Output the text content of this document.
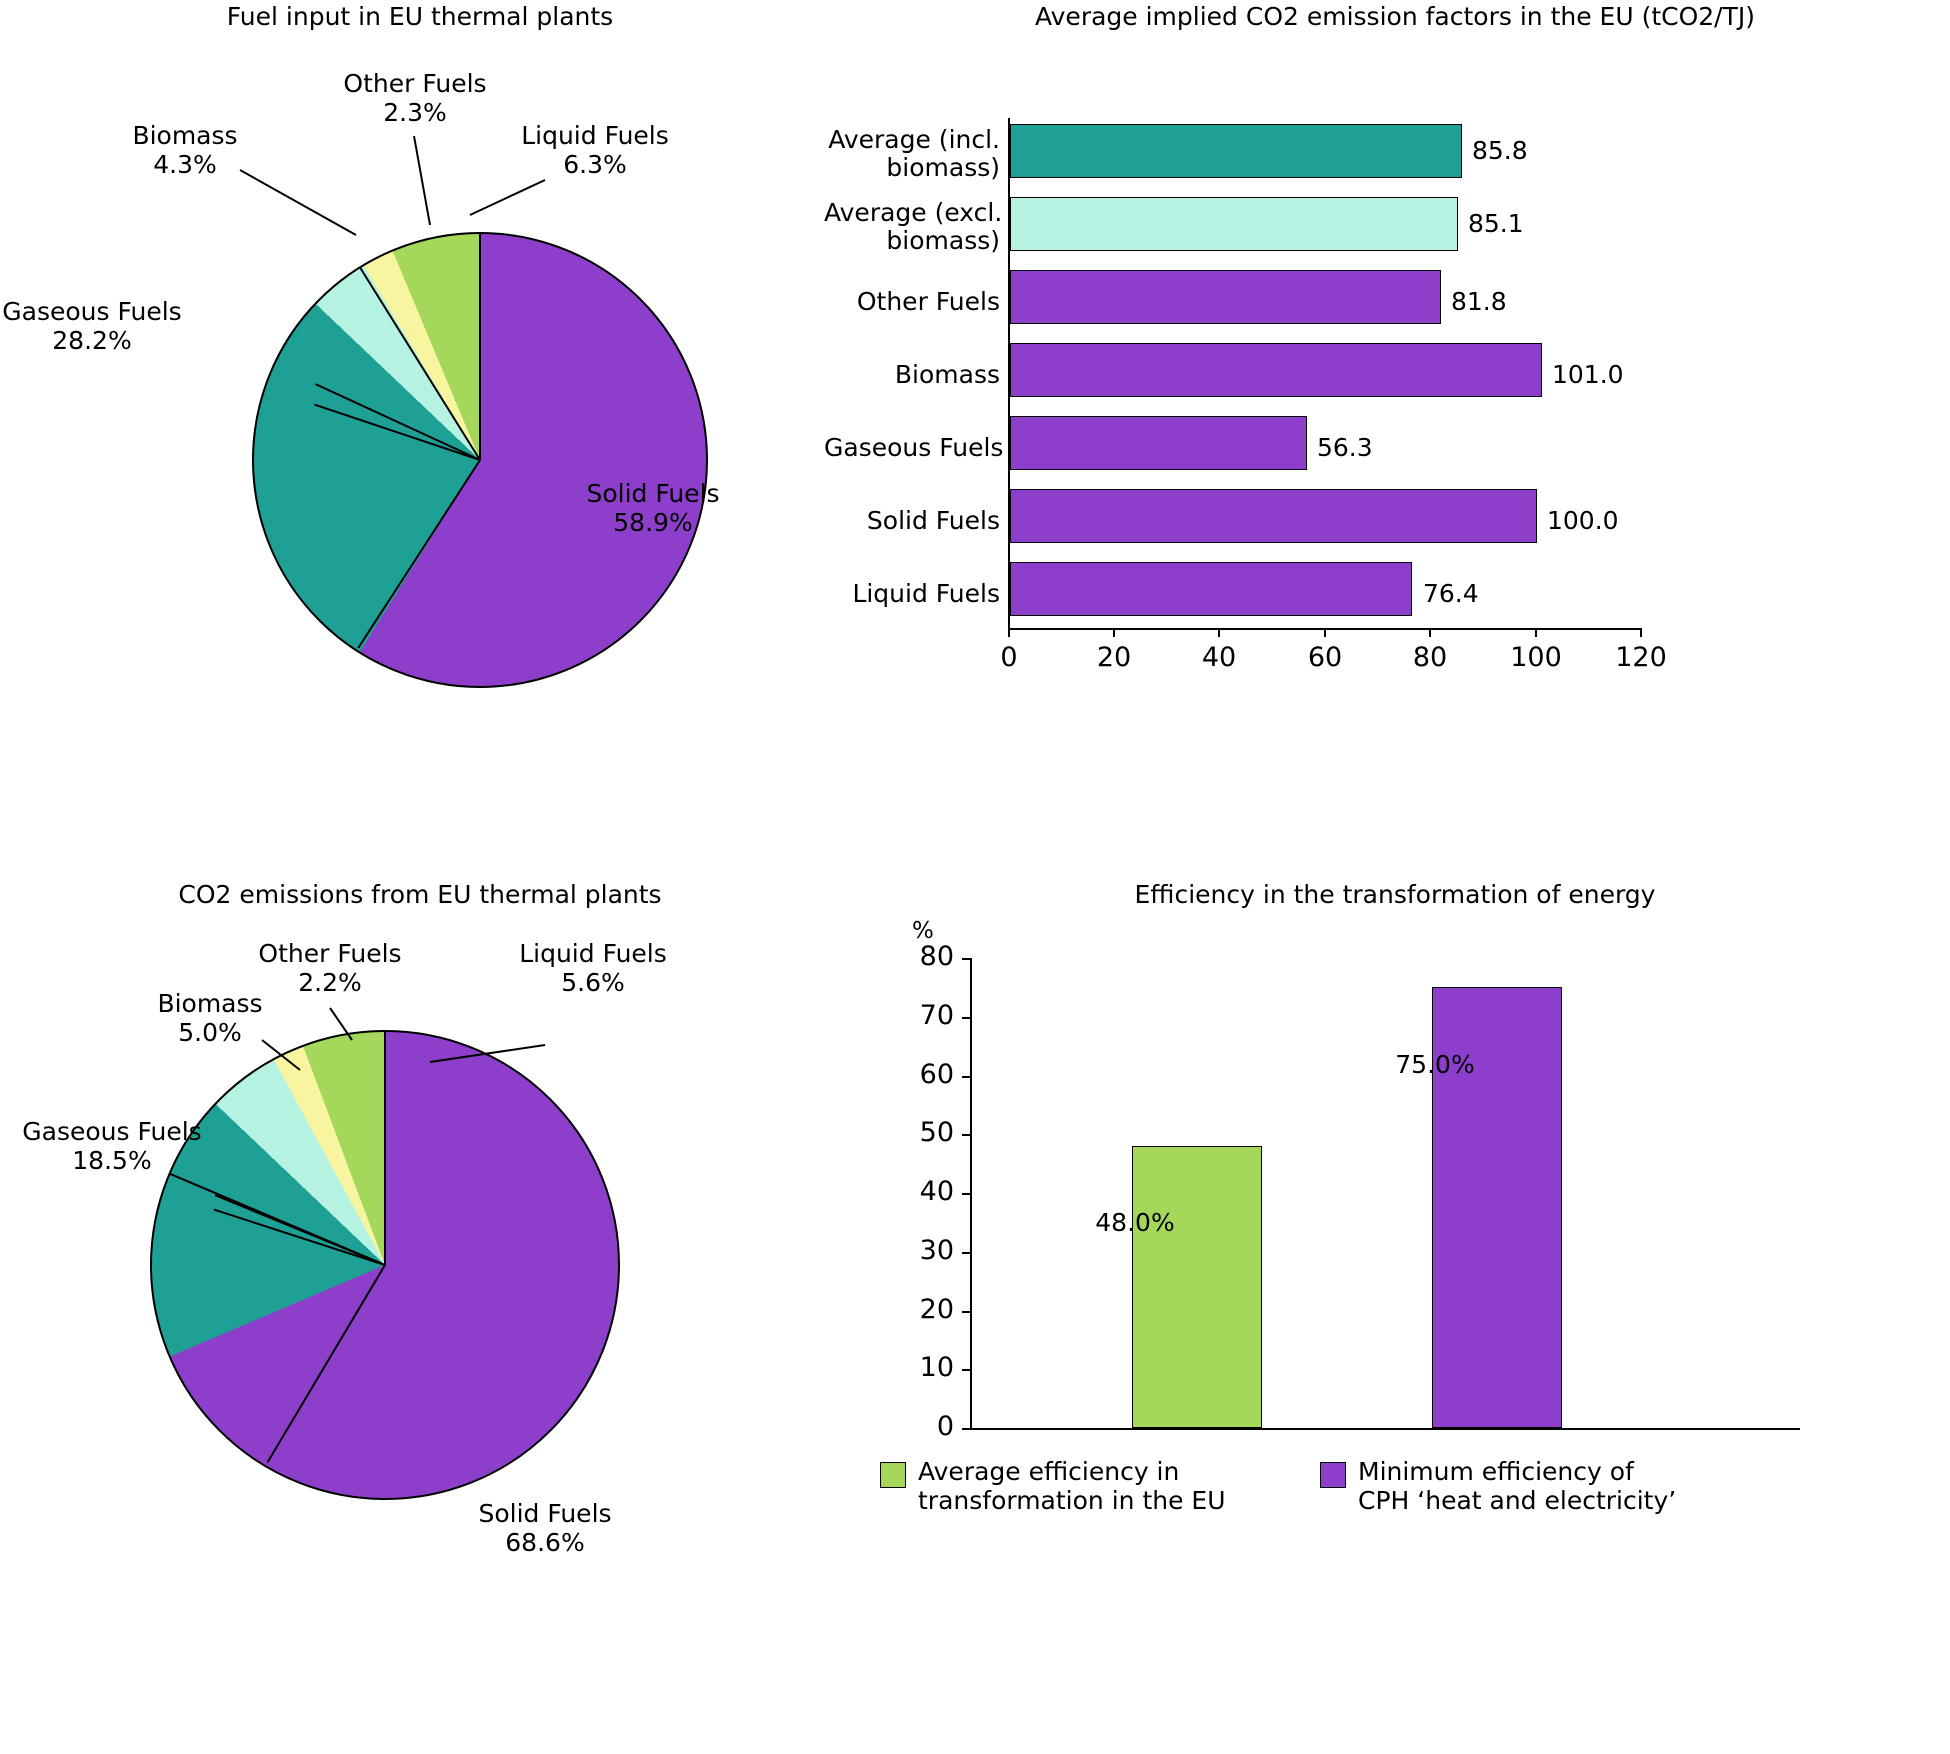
Fuel input in EU thermal plants
Other Fuels
2.3%
Biomass
4.3%
Liquid Fuels
6.3%
Gaseous Fuels
28.2%
Solid Fuels
58.9%
Average implied CO2 emission factors in the EU (tCO2/TJ)
Average (incl.
biomass)
Average (excl.
biomass)
Other Fuels
Biomass
Gaseous Fuels
Solid Fuels
Liquid Fuels
85.8
85.1
81.8
101.0
56.3
100.0
76.4
0	20	40	60	80	100 120
CO2 emissions from EU thermal plants
Other Fuels
2.2%
Biomass
5.0%
Liquid Fuels
5.6%
Gaseous Fuels
18.5%
Solid Fuels
68.6%
Efficiency in the transformation of energy
%
48.0%
75.0%
80
70
60
50
40
30
20
10
0
Average efficiency in
transformation in the EU
Minimum efficiency of
CPH ‘heat and electricity’
